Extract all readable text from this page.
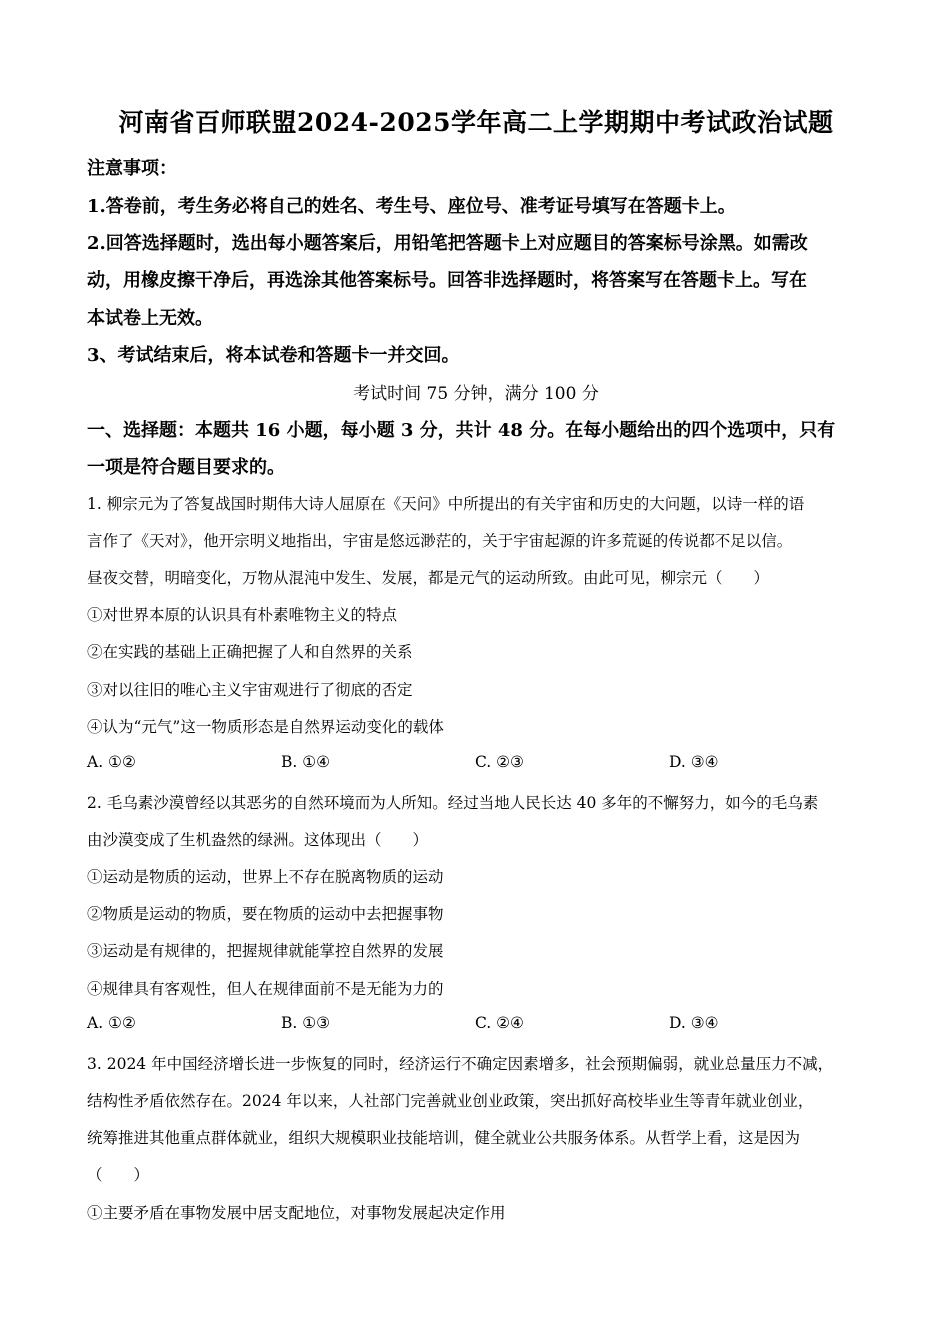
河南省百师联盟2024-2025学年高二上学期期中考试政治试题
注意事项：
1.答卷前，考生务必将自己的姓名、考生号、座位号、准考证号填写在答题卡上。
2.回答选择题时，选出每小题答案后，用铅笔把答题卡上对应题目的答案标号涂黑。如需改
动，用橡皮擦干净后，再选涂其他答案标号。回答非选择题时，将答案写在答题卡上。写在
本试卷上无效。
3、考试结束后，将本试卷和答题卡一并交回。
考试时间 75 分钟，满分 100 分
一、选择题：本题共 16 小题，每小题 3 分，共计 48 分。在每小题给出的四个选项中，只有
一项是符合题目要求的。
1. 柳宗元为了答复战国时期伟大诗人屈原在《天问》中所提出的有关宇宙和历史的大问题，以诗一样的语
言作了《天对》，他开宗明义地指出，宇宙是悠远渺茫的，关于宇宙起源的许多荒诞的传说都不足以信。
昼夜交替，明暗变化，万物从混沌中发生、发展，都是元气的运动所致。由此可见，柳宗元（　　）
①对世界本原的认识具有朴素唯物主义的特点
②在实践的基础上正确把握了人和自然界的关系
③对以往旧的唯心主义宇宙观进行了彻底的否定
④认为“元气”这一物质形态是自然界运动变化的载体
A. ①②	B. ①④	C. ②③	D. ③④
2. 毛乌素沙漠曾经以其恶劣的自然环境而为人所知。经过当地人民长达 40 多年的不懈努力，如今的毛乌素
由沙漠变成了生机盎然的绿洲。这体现出（　　）
①运动是物质的运动，世界上不存在脱离物质的运动
②物质是运动的物质，要在物质的运动中去把握事物
③运动是有规律的，把握规律就能掌控自然界的发展
④规律具有客观性，但人在规律面前不是无能为力的
A. ①②	B. ①③	C. ②④	D. ③④
3. 2024 年中国经济增长进一步恢复的同时，经济运行不确定因素增多，社会预期偏弱，就业总量压力不减，
结构性矛盾依然存在。2024 年以来，人社部门完善就业创业政策，突出抓好高校毕业生等青年就业创业，
统筹推进其他重点群体就业，组织大规模职业技能培训，健全就业公共服务体系。从哲学上看，这是因为
（　　）
①主要矛盾在事物发展中居支配地位，对事物发展起决定作用
